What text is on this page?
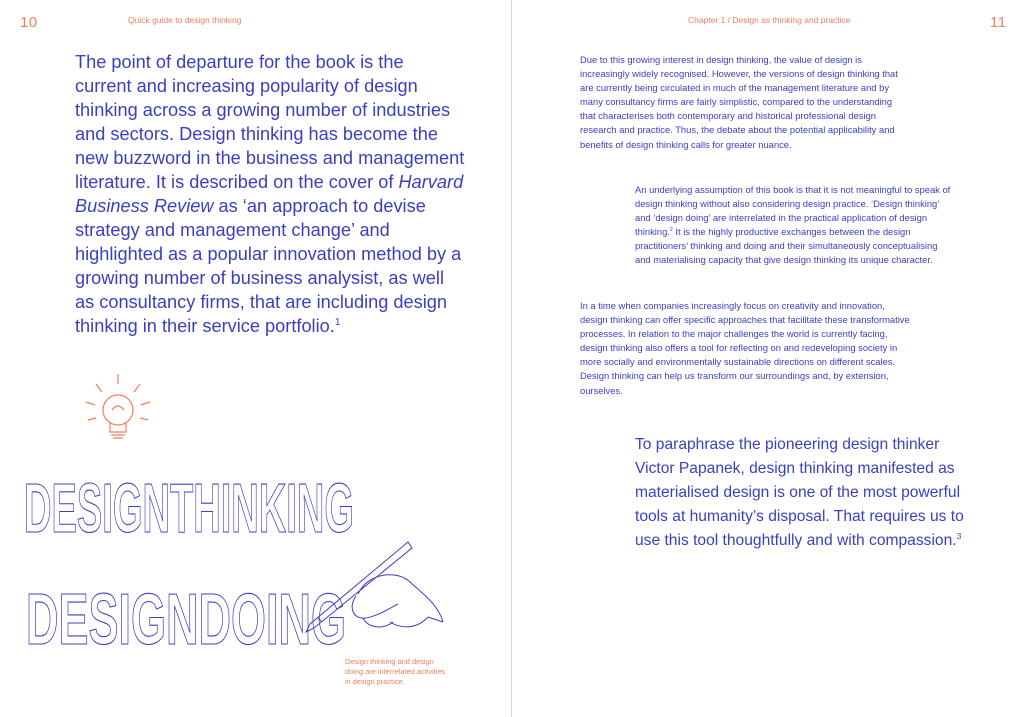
10	Quick guide to design thinking

The point of departure for the book is the current and increasing popularity of design thinking across a growing number of industries and sectors. Design thinking has become the new buzzword in the business and management literature. It is described on the cover of Harvard Business Review as ‘an approach to devise strategy and management change’ and highlighted as a popular innovation method by a growing number of business analysist, as well as consultancy firms, that are including design thinking in their service portfolio.$^1$

DESIGNTHINKING
DESIGNDOING

Design thinking and design doing are interrelated activities in design practice.

Chapter 1 / Design as thinking and practice	11

Due to this growing interest in design thinking, the value of design is increasingly widely recognised. However, the versions of design thinking that are currently being circulated in much of the management literature and by many consultancy firms are fairly simplistic, compared to the understanding that characterises both contemporary and historical professional design research and practice. Thus, the debate about the potential applicability and benefits of design thinking calls for greater nuance.

An underlying assumption of this book is that it is not meaningful to speak of design thinking without also considering design practice. ‘Design thinking’ and ‘design doing’ are interrelated in the practical application of design thinking.$^2$ It is the highly productive exchanges between the design practitioners’ thinking and doing and their simultaneously conceptualising and materialising capacity that give design thinking its unique character.

In a time when companies increasingly focus on creativity and innovation, design thinking can offer specific approaches that facilitate these transformative processes. In relation to the major challenges the world is currently facing, design thinking also offers a tool for reflecting on and redeveloping society in more socially and environmentally sustainable directions on different scales. Design thinking can help us transform our surroundings and, by extension, ourselves.

To paraphrase the pioneering design thinker Victor Papanek, design thinking manifested as materialised design is one of the most powerful tools at humanity’s disposal. That requires us to use this tool thoughtfully and with compassion.$^3$
